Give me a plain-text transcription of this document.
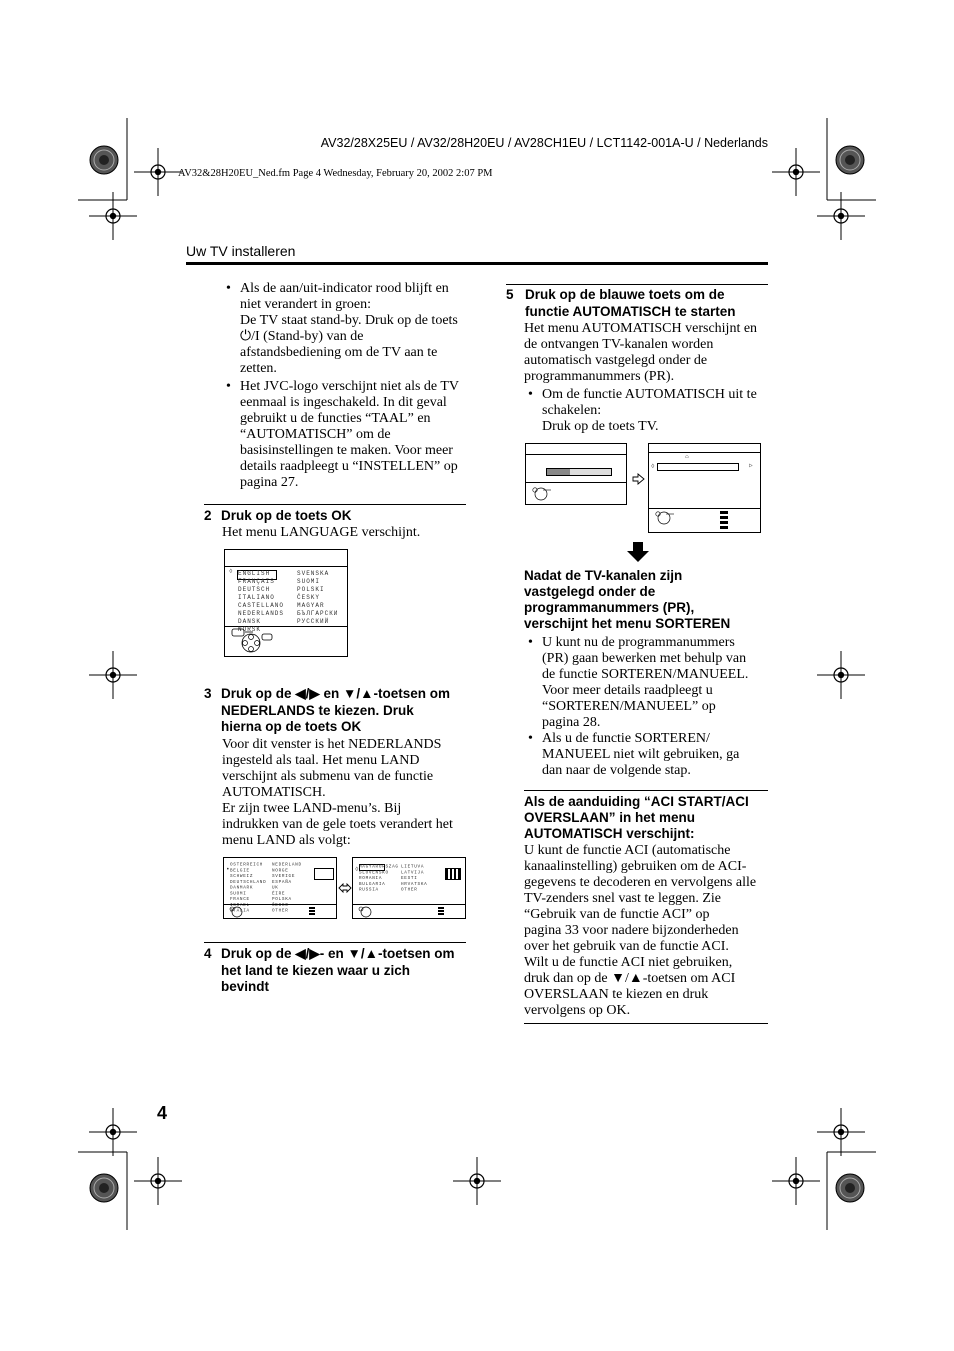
AV32/28X25EU / AV32/28H20EU / AV28CH1EU / LCT1142-001A-U / Nederlands
AV32&28H20EU_Ned.fm Page 4 Wednesday, February 20, 2002 2:07 PM
Uw TV installeren
• Als de aan/uit-indicator rood blijft en
niet verandert in groen:
De TV staat stand-by. Druk op de toets
⏻/I (Stand-by) van de
afstandsbediening om de TV aan te
zetten.
• Het JVC-logo verschijnt niet als de TV
eenmaal is ingeschakeld. In dit geval
gebruikt u de functies “TAAL” en
“AUTOMATISCH” om de
basisinstellingen te maken. Voor meer
details raadpleegt u “INSTELLEN” op
pagina 27.
2 Druk op de toets OK
Het menu LANGUAGE verschijnt.
◊ ENGLISH
FRANÇAIS
DEUTSCH
ITALIANO
CASTELLANO
NEDERLANDS
DANSK
NORSK
SVENSKA
SUOMI
POLSKI
ČESKY
MAGYAR
БЪЛГАРСКИ
РУССКИЙ
3 Druk op de ◀/▶ en ▼/▲-toetsen om
NEDERLANDS te kiezen. Druk
hierna op de toets OK
Voor dit venster is het NEDERLANDS
ingesteld als taal. Het menu LAND
verschijnt als submenu van de functie
AUTOMATISCH.
Er zijn twee LAND-menu’s. Bij
indrukken van de gele toets verandert het
menu LAND als volgt:
•
ÖSTERREICH
BELGIE
SCHWEIZ
DEUTSCHLAND
DANMARK
SUOMI
FRANCE
ITALIA
NEDERLAND
NORGE
SVERIGE
ESPAÑA
UK
ÉIRE
POLSKA
OTHER
◊ MAGYARORSZAG
SLOVENSKO
ROMANIA
BULGARIA
RUSSIA
LIETUVA
LATVIJA
EESTI
HRVATSKA
OTHER
4 Druk op de ◀/▶- en ▼/▲-toetsen om
het land te kiezen waar u zich
bevindt
5 Druk op de blauwe toets om de
functie AUTOMATISCH te starten
Het menu AUTOMATISCH verschijnt en
de ontvangen TV-kanalen worden
automatisch vastgelegd onder de
programmanummers (PR).
• Om de functie AUTOMATISCH uit te
schakelen:
Druk op de toets TV.
⌂
◊	▷
Nadat de TV-kanalen zijn
vastgelegd onder de
programmanummers (PR),
verschijnt het menu SORTEREN
• U kunt nu de programmanummers
(PR) gaan bewerken met behulp van
de functie SORTEREN/MANUEEL.
Voor meer details raadpleegt u
“SORTEREN/MANUEEL” op
pagina 28.
• Als u de functie SORTEREN/
MANUEEL niet wilt gebruiken, ga
dan naar de volgende stap.
Als de aanduiding “ACI START/ACI
OVERSLAAN” in het menu
AUTOMATISCH verschijnt:
U kunt de functie ACI (automatische
kanaalinstelling) gebruiken om de ACI-
gegevens te decoderen en vervolgens alle
TV-zenders snel vast te leggen. Zie
“Gebruik van de functie ACI” op
pagina 33 voor nadere bijzonderheden
over het gebruik van de functie ACI.
Wilt u de functie ACI niet gebruiken,
druk dan op de ▼/▲-toetsen om ACI
OVERSLAAN te kiezen en druk
vervolgens op OK.
4
